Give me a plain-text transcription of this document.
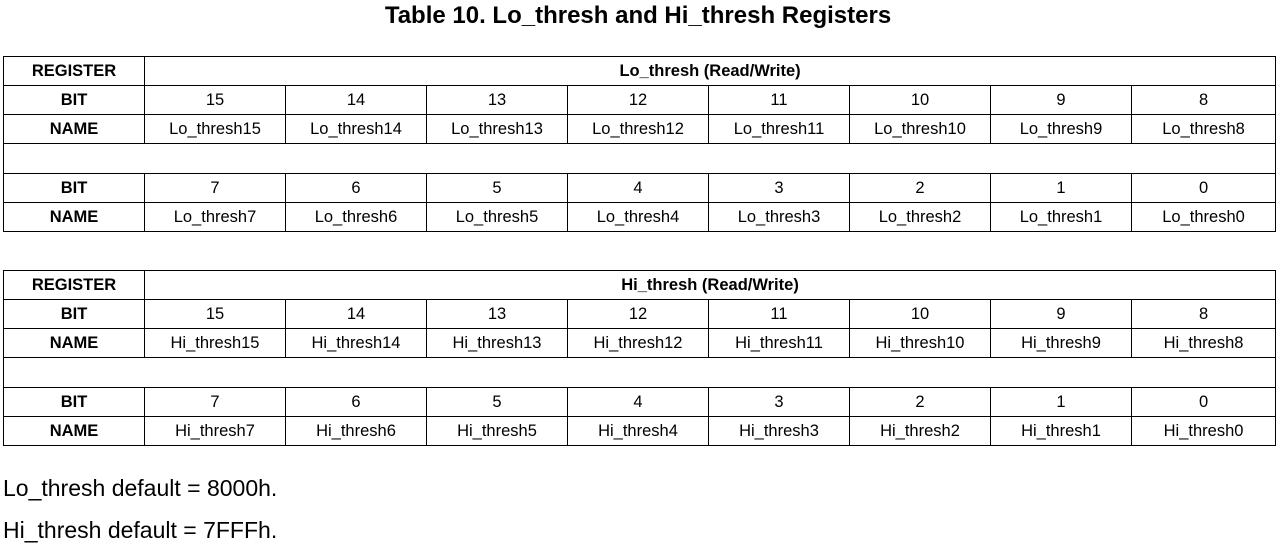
Table 10. Lo_thresh and Hi_thresh Registers
REGISTER	Lo_thresh (Read/Write)							
BIT	15	14	13	12	11	10	9	8
NAME	Lo_thresh15	Lo_thresh14	Lo_thresh13	Lo_thresh12	Lo_thresh11	Lo_thresh10	Lo_thresh9	Lo_thresh8

BIT	7	6	5	4	3	2	1	0
NAME	Lo_thresh7	Lo_thresh6	Lo_thresh5	Lo_thresh4	Lo_thresh3	Lo_thresh2	Lo_thresh1	Lo_thresh0
REGISTER	Hi_thresh (Read/Write)							
BIT	15	14	13	12	11	10	9	8
NAME	Hi_thresh15	Hi_thresh14	Hi_thresh13	Hi_thresh12	Hi_thresh11	Hi_thresh10	Hi_thresh9	Hi_thresh8

BIT	7	6	5	4	3	2	1	0
NAME	Hi_thresh7	Hi_thresh6	Hi_thresh5	Hi_thresh4	Hi_thresh3	Hi_thresh2	Hi_thresh1	Hi_thresh0
Lo_thresh default = 8000h.
Hi_thresh default = 7FFFh.
